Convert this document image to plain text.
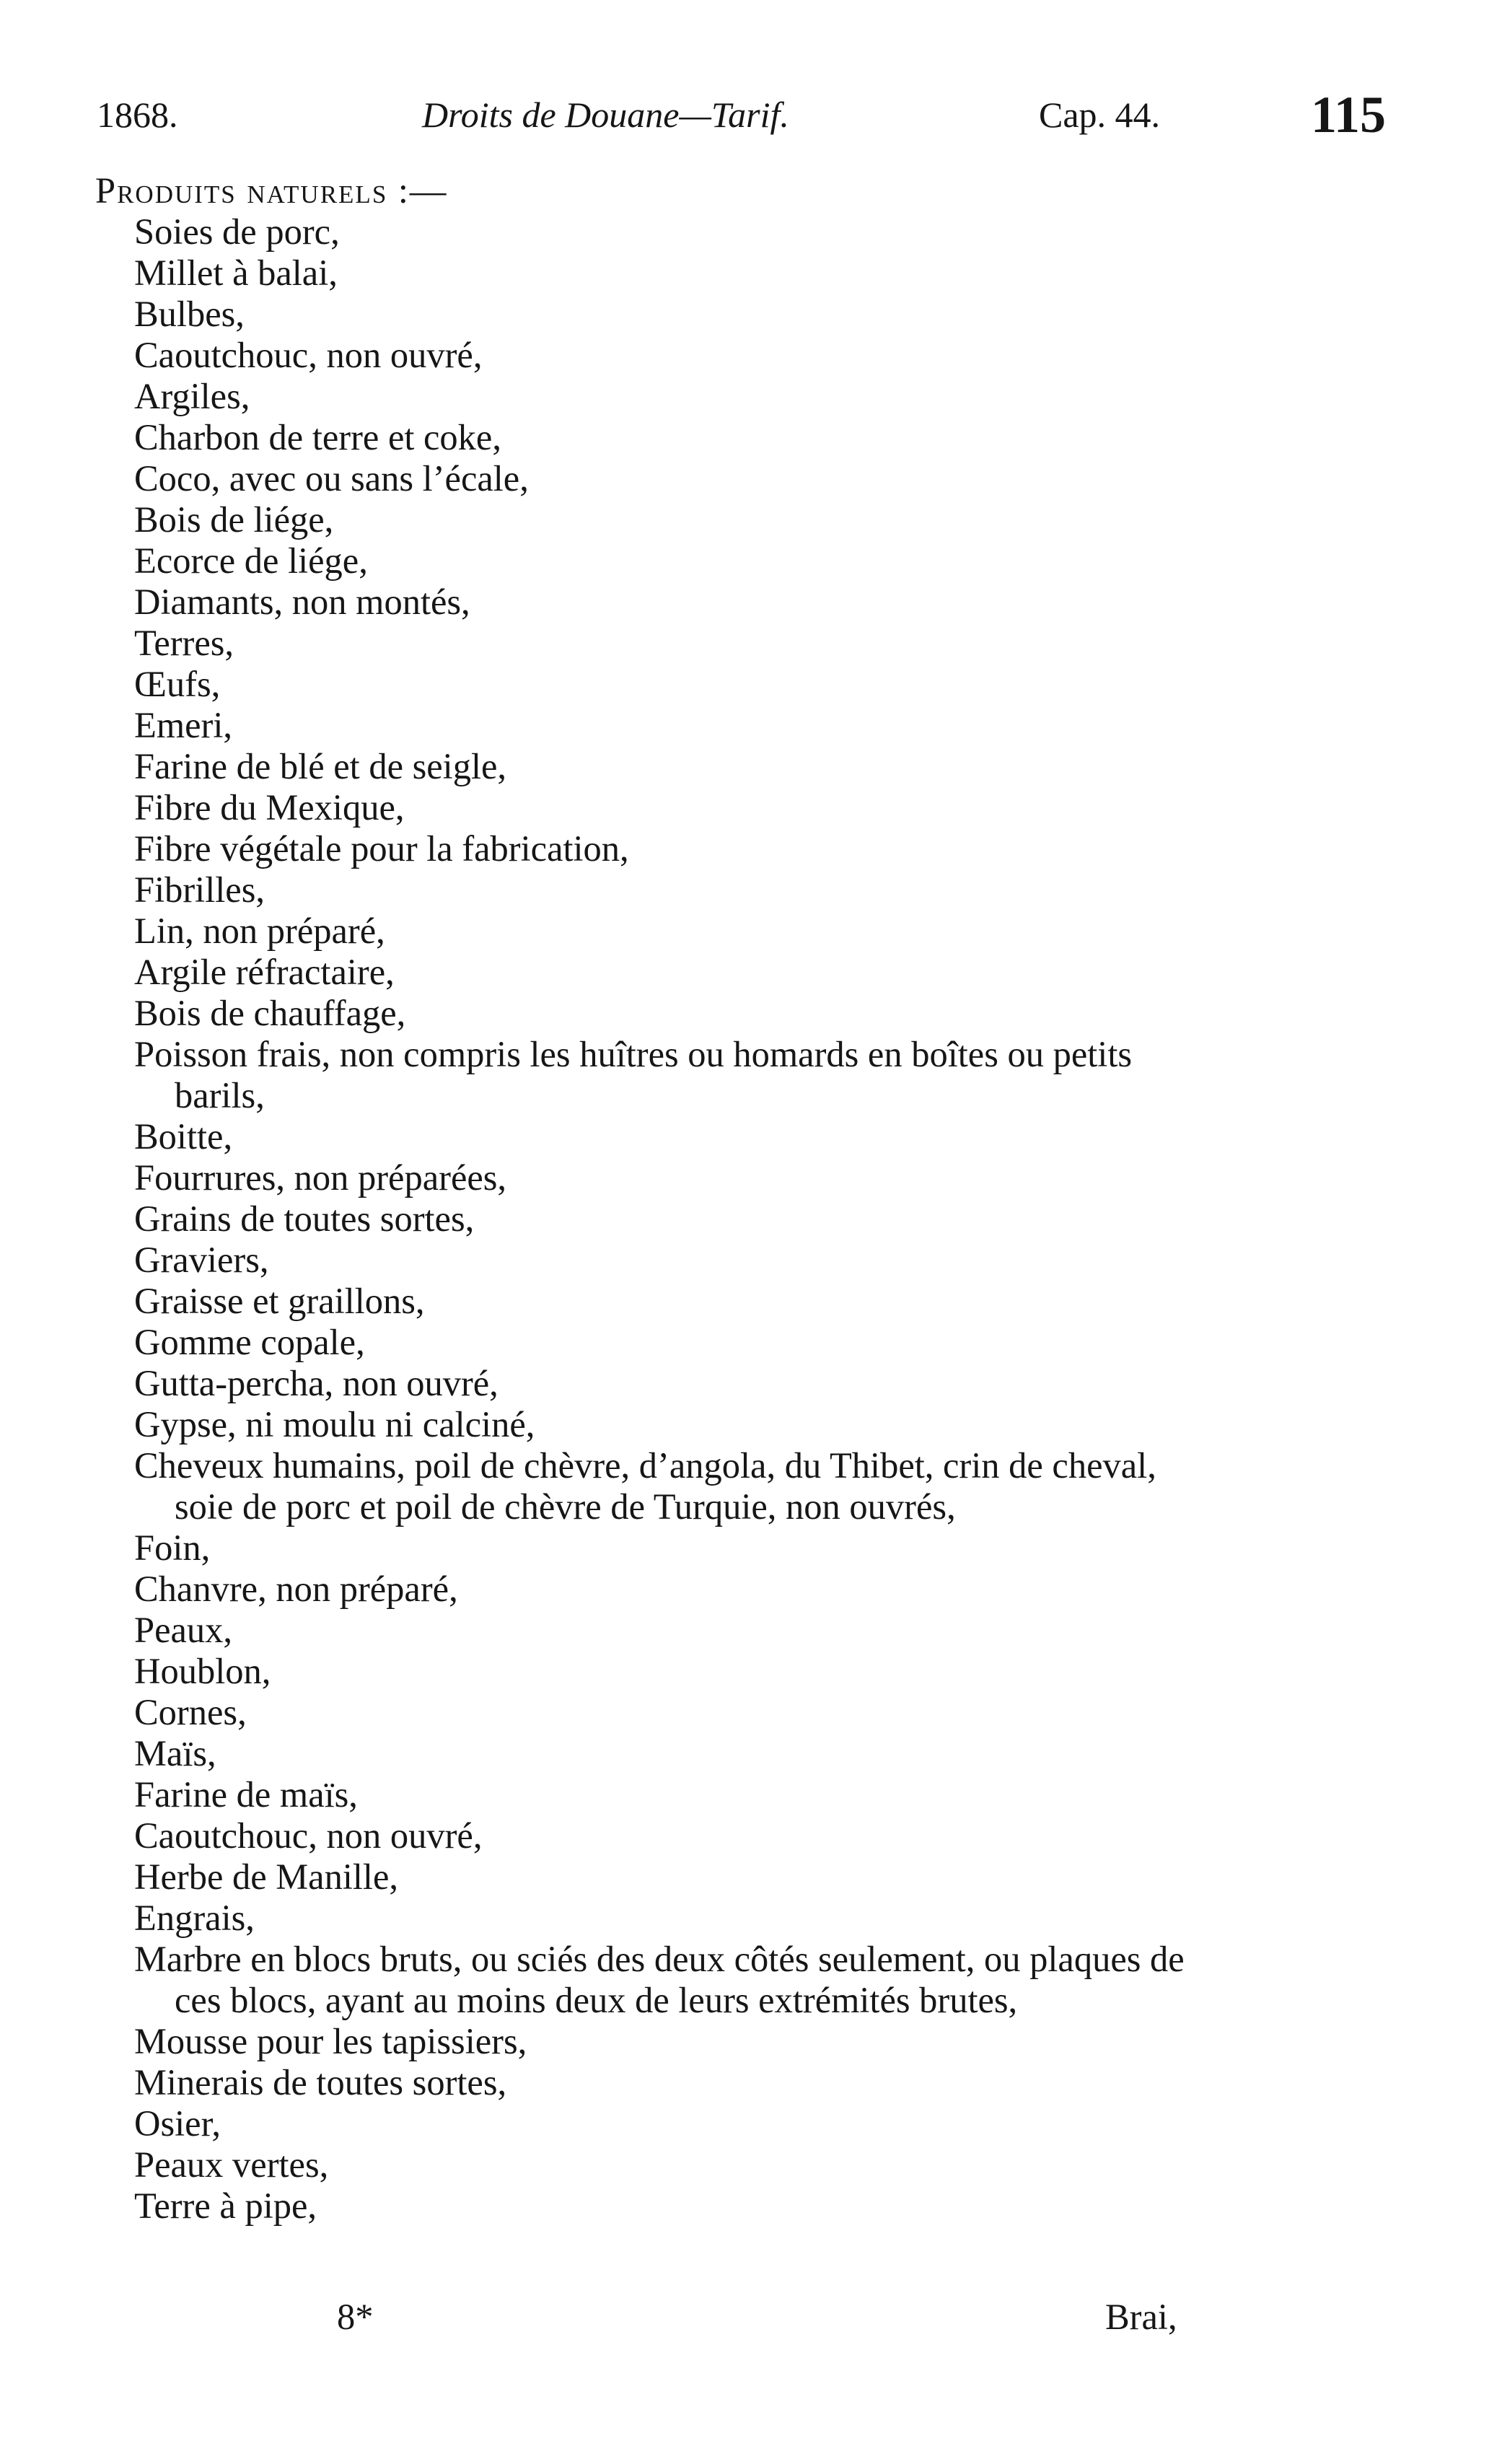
1868.	Droits de Douane—Tarif.	Cap. 44.	115

Produits naturels :—

Soies de porc,
Millet à balai,
Bulbes,
Caoutchouc, non ouvré,
Argiles,
Charbon de terre et coke,
Coco, avec ou sans l’écale,
Bois de liége,
Ecorce de liége,
Diamants, non montés,
Terres,
Œufs,
Emeri,
Farine de blé et de seigle,
Fibre du Mexique,
Fibre végétale pour la fabrication,
Fibrilles,
Lin, non préparé,
Argile réfractaire,
Bois de chauffage,
Poisson frais, non compris les huîtres ou homards en boîtes ou petits barils,
Boitte,
Fourrures, non préparées,
Grains de toutes sortes,
Graviers,
Graisse et graillons,
Gomme copale,
Gutta-percha, non ouvré,
Gypse, ni moulu ni calciné,
Cheveux humains, poil de chèvre, d’angola, du Thibet, crin de cheval, soie de porc et poil de chèvre de Turquie, non ouvrés,
Foin,
Chanvre, non préparé,
Peaux,
Houblon,
Cornes,
Maïs,
Farine de maïs,
Caoutchouc, non ouvré,
Herbe de Manille,
Engrais,
Marbre en blocs bruts, ou sciés des deux côtés seulement, ou plaques de ces blocs, ayant au moins deux de leurs extrémités brutes,
Mousse pour les tapissiers,
Minerais de toutes sortes,
Osier,
Peaux vertes,
Terre à pipe,
8*	Brai,
